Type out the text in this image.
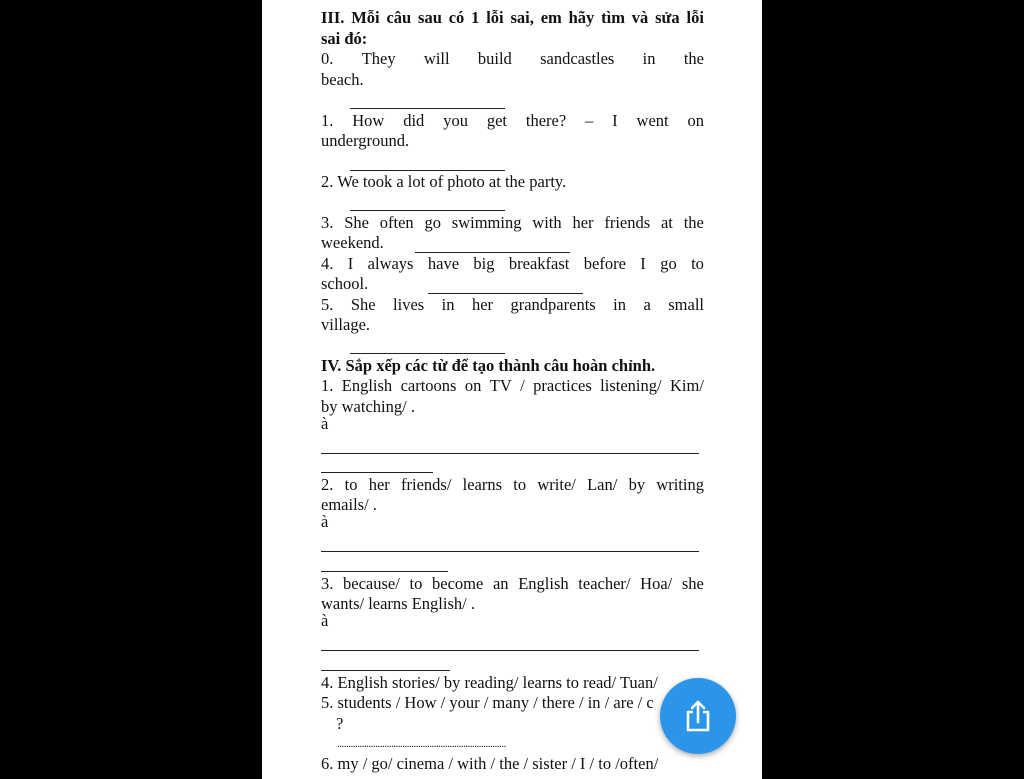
III. Mỗi câu sau có 1 lỗi sai, em hãy tìm và sửa lỗi
sai đó:
0. They will build sandcastles in the
beach.
1. How did you get there? – I went on
underground.
2. We took a lot of photo at the party.
3. She often go swimming with her friends at the
weekend.
4. I always have big breakfast before I go to
school.
5. She lives in her grandparents in a small
village.
IV. Sắp xếp các từ để tạo thành câu hoàn chỉnh.
1. English cartoons on TV / practices listening/ Kim/
by watching/ .
à
2. to her friends/ learns to write/ Lan/ by writing
emails/ .
à
3. because/ to become an English teacher/ Hoa/ she
wants/ learns English/ .
à
4. English stories/ by reading/ learns to read/ Tuan/
5. students / How / your / many / there / in / are / c
?
...........................................................................
6. my / go/ cinema / with / the / sister / I / to /often/
